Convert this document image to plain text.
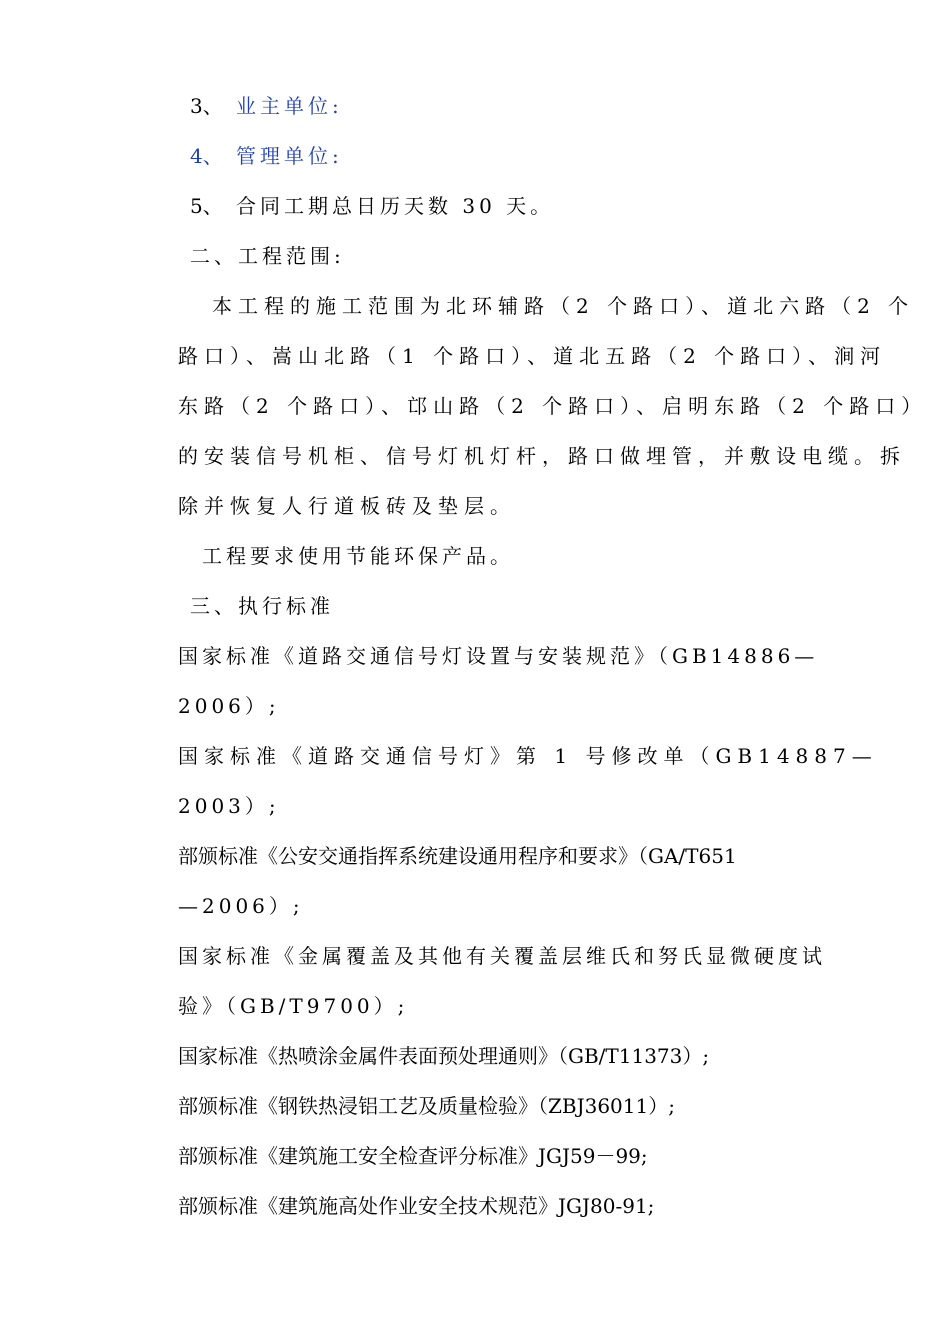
3、 业主单位:
4、 管理单位:
5、 合同工期总日历天数 30 天。
二、工程范围:
本工程的施工范围为北环辅路（2 个路口）、道北六路（2 个
路口）、嵩山北路（1 个路口）、道北五路（2 个路口）、涧河
东路（2 个路口）、邙山路（2 个路口）、启明东路（2 个路口）
的安装信号机柜、信号灯机灯杆，路口做埋管，并敷设电缆。拆
除并恢复人行道板砖及垫层。
工程要求使用节能环保产品。
三、执行标准
国家标准《道路交通信号灯设置与安装规范》（GB14886—
2006）;
国家标准《道路交通信号灯》第 1 号修改单（GB14887—
2003）;
部颁标准《公安交通指挥系统建设通用程序和要求》（GA/T651
—2006）;
国家标准《金属覆盖及其他有关覆盖层维氏和努氏显微硬度试
验》（GB/T9700）;
国家标准《热喷涂金属件表面预处理通则》（GB/T11373）;
部颁标准《钢铁热浸铝工艺及质量检验》（ZBJ36011）;
部颁标准《建筑施工安全检查评分标准》JGJ59－99;
部颁标准《建筑施高处作业安全技术规范》JGJ80-91;
